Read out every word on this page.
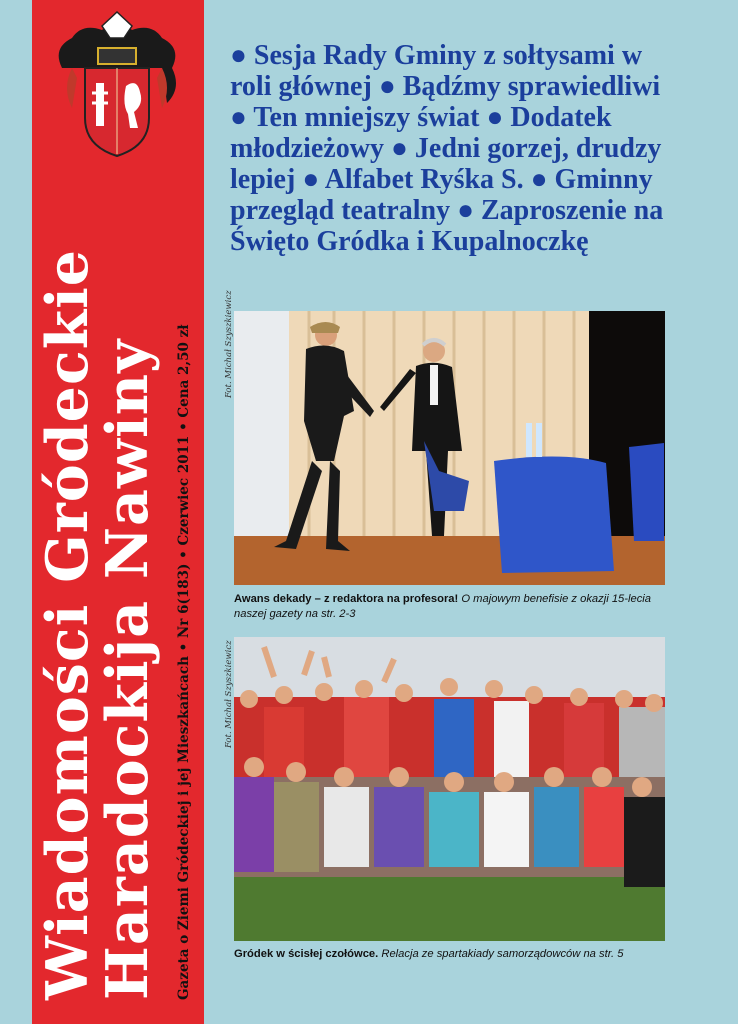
Wiadomości Gródeckie
Haradockija Nawiny Gazeta o Ziemi Gródeckiej i jej Mieszkańcach • Nr 6(183) • Czerwiec 2011 • Cena 2,50 zł
● Sesja Rady Gminy z sołtysami w roli głównej ● Bądźmy sprawiedliwi ● Ten mniejszy świat ● Dodatek młodzieżowy ● Jedni gorzej, drudzy lepiej ● Alfabet Ryśka S. ● Gminny przegląd teatralny ● Zaproszenie na Święto Gródka i Kupalnoczkę
Fot. Michał Szyszkiewicz
Awans dekady – z redaktora na profesora! O majowym benefisie z okazji 15-lecia naszej gazety na str. 2-3
Fot. Michał Szyszkiewicz
Gródek w ścisłej czołówce. Relacja ze spartakiady samorządowców na str. 5
